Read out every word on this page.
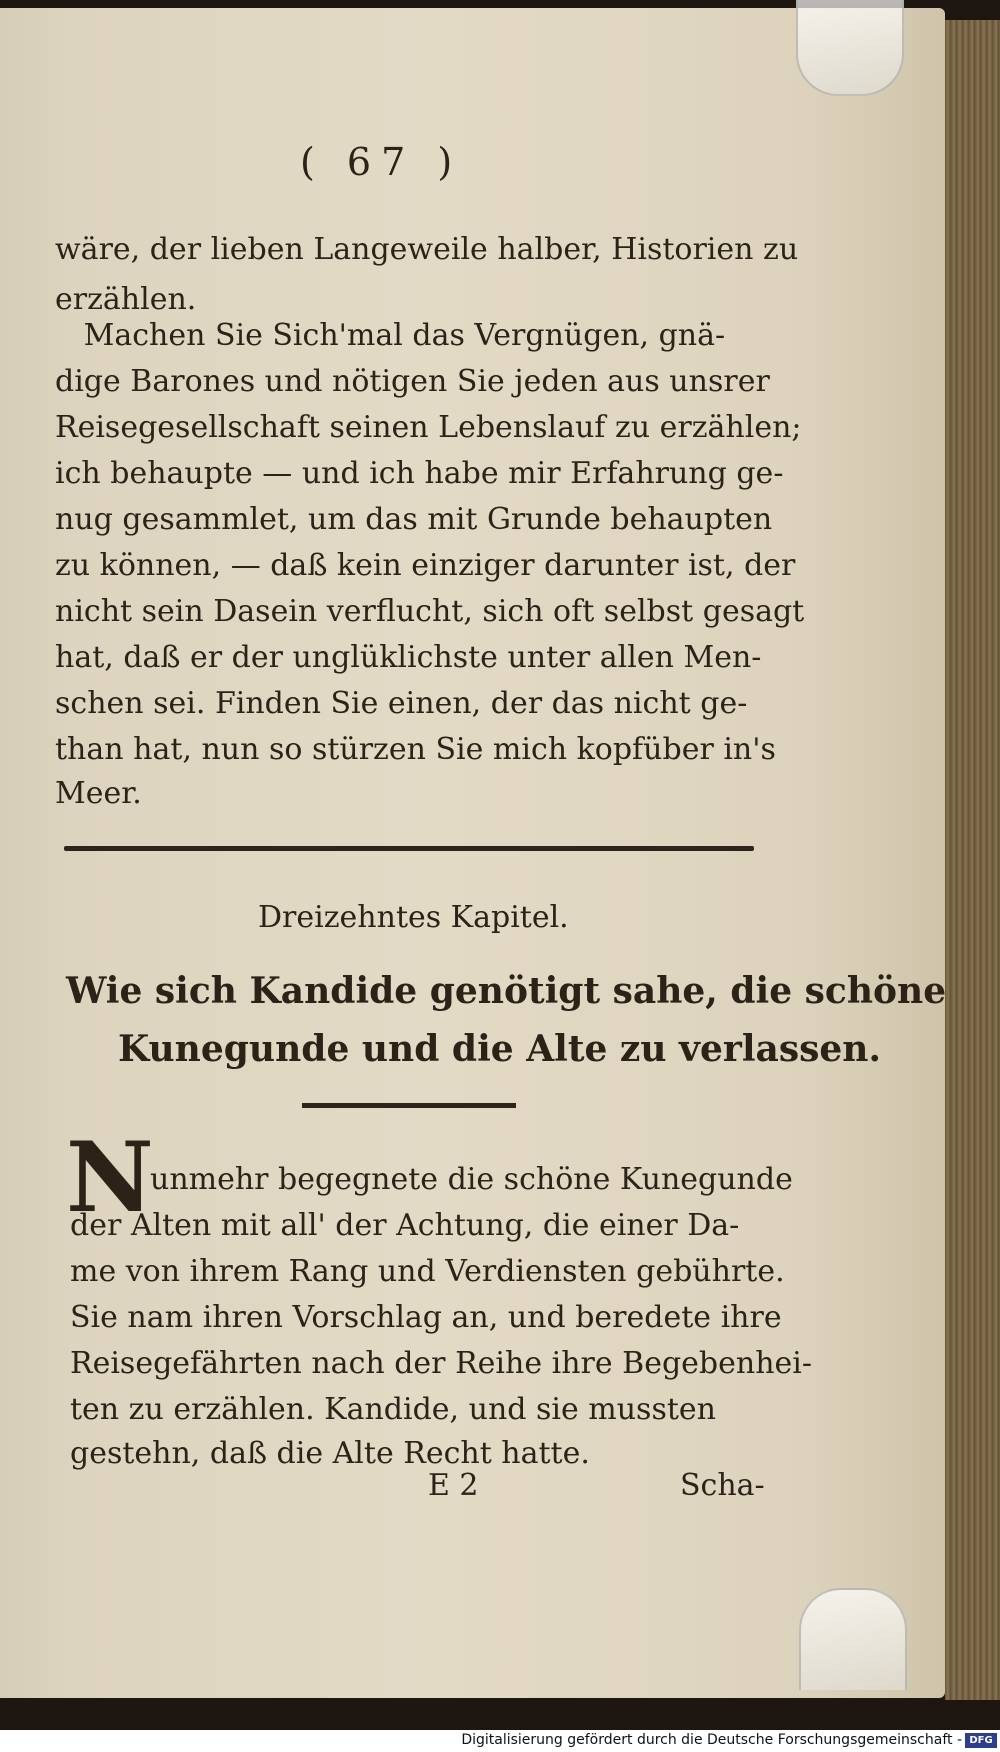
( 67 )
wäre, der lieben Langeweile halber, Historien zu
erzählen.
Machen Sie Sich'mal das Vergnügen, gnä-
dige Barones und nötigen Sie jeden aus unsrer
Reisegesellschaft seinen Lebenslauf zu erzählen;
ich behaupte — und ich habe mir Erfahrung ge-
nug gesammlet, um das mit Grunde behaupten
zu können, — daß kein einziger darunter ist, der
nicht sein Dasein verflucht, sich oft selbst gesagt
hat, daß er der unglüklichste unter allen Men-
schen sei. Finden Sie einen, der das nicht ge-
than hat, nun so stürzen Sie mich kopfüber in's
Meer.
Dreizehntes Kapitel.
Wie sich Kandide genötigt sahe, die schöne
Kunegunde und die Alte zu verlassen.
N
unmehr begegnete die schöne Kunegunde
der Alten mit all' der Achtung, die einer Da-
me von ihrem Rang und Verdiensten gebührte.
Sie nam ihren Vorschlag an, und beredete ihre
Reisegefährten nach der Reihe ihre Begebenhei-
ten zu erzählen. Kandide, und sie mussten
gestehn, daß die Alte Recht hatte.
E 2	Scha-
Digitalisierung gefördert durch die Deutsche Forschungsgemeinschaft - DFG
